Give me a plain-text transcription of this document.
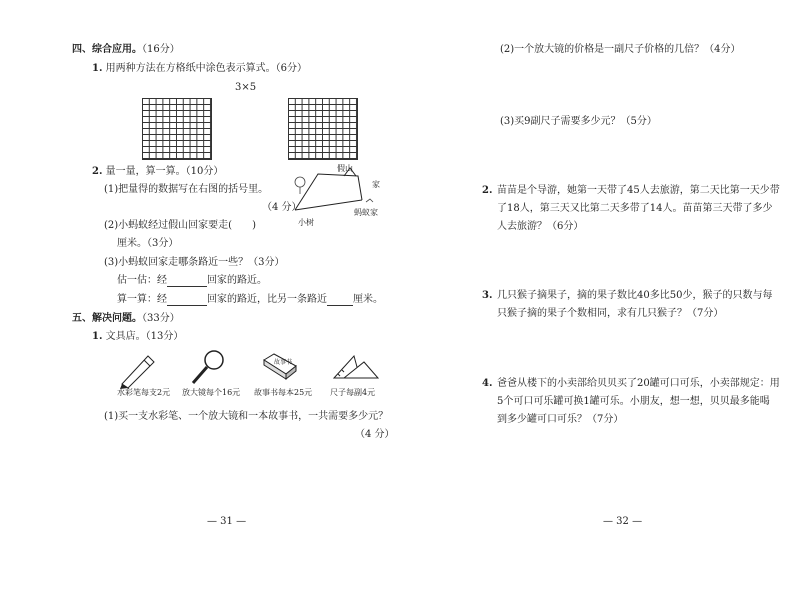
四、综合应用。（16分）
1. 用两种方法在方格纸中涂色表示算式。（6分）
3×5
2. 量一量，算一算。（10分）	假山
家
蚂蚁家
小树
(1)把量得的数据写在右图的括号里。
（4 分）
(2)小蚂蚁经过假山回家要走(　　)
厘米。（3分）
(3)小蚂蚁回家走哪条路近一些？（3分）
估一估：经	回家的路近。
算一算：经	回家的路近，比另一条路近	厘米。
五、解决问题。（33分）
1. 文具店。（13分）
故事书
水彩笔每支2元 放大镜每个16元 故事书每本25元 尺子每副4元
(1)买一支水彩笔、一个放大镜和一本故事书，一共需要多少元？
（4 分）
— 31 —
(2)一个放大镜的价格是一副尺子价格的几倍？（4分）
(3)买9副尺子需要多少元？（5分）
2. 苗苗是个导游，她第一天带了45人去旅游，第二天比第一天少带
了18人，第三天又比第二天多带了14人。苗苗第三天带了多少
人去旅游？（6分）
3. 几只猴子摘果子，摘的果子数比40多比50少，猴子的只数与每
只猴子摘的果子个数相同，求有几只猴子？（7分）
4. 爸爸从楼下的小卖部给贝贝买了20罐可口可乐，小卖部规定：用
5个可口可乐罐可换1罐可乐。小朋友，想一想，贝贝最多能喝
到多少罐可口可乐？（7分）
— 32 —
